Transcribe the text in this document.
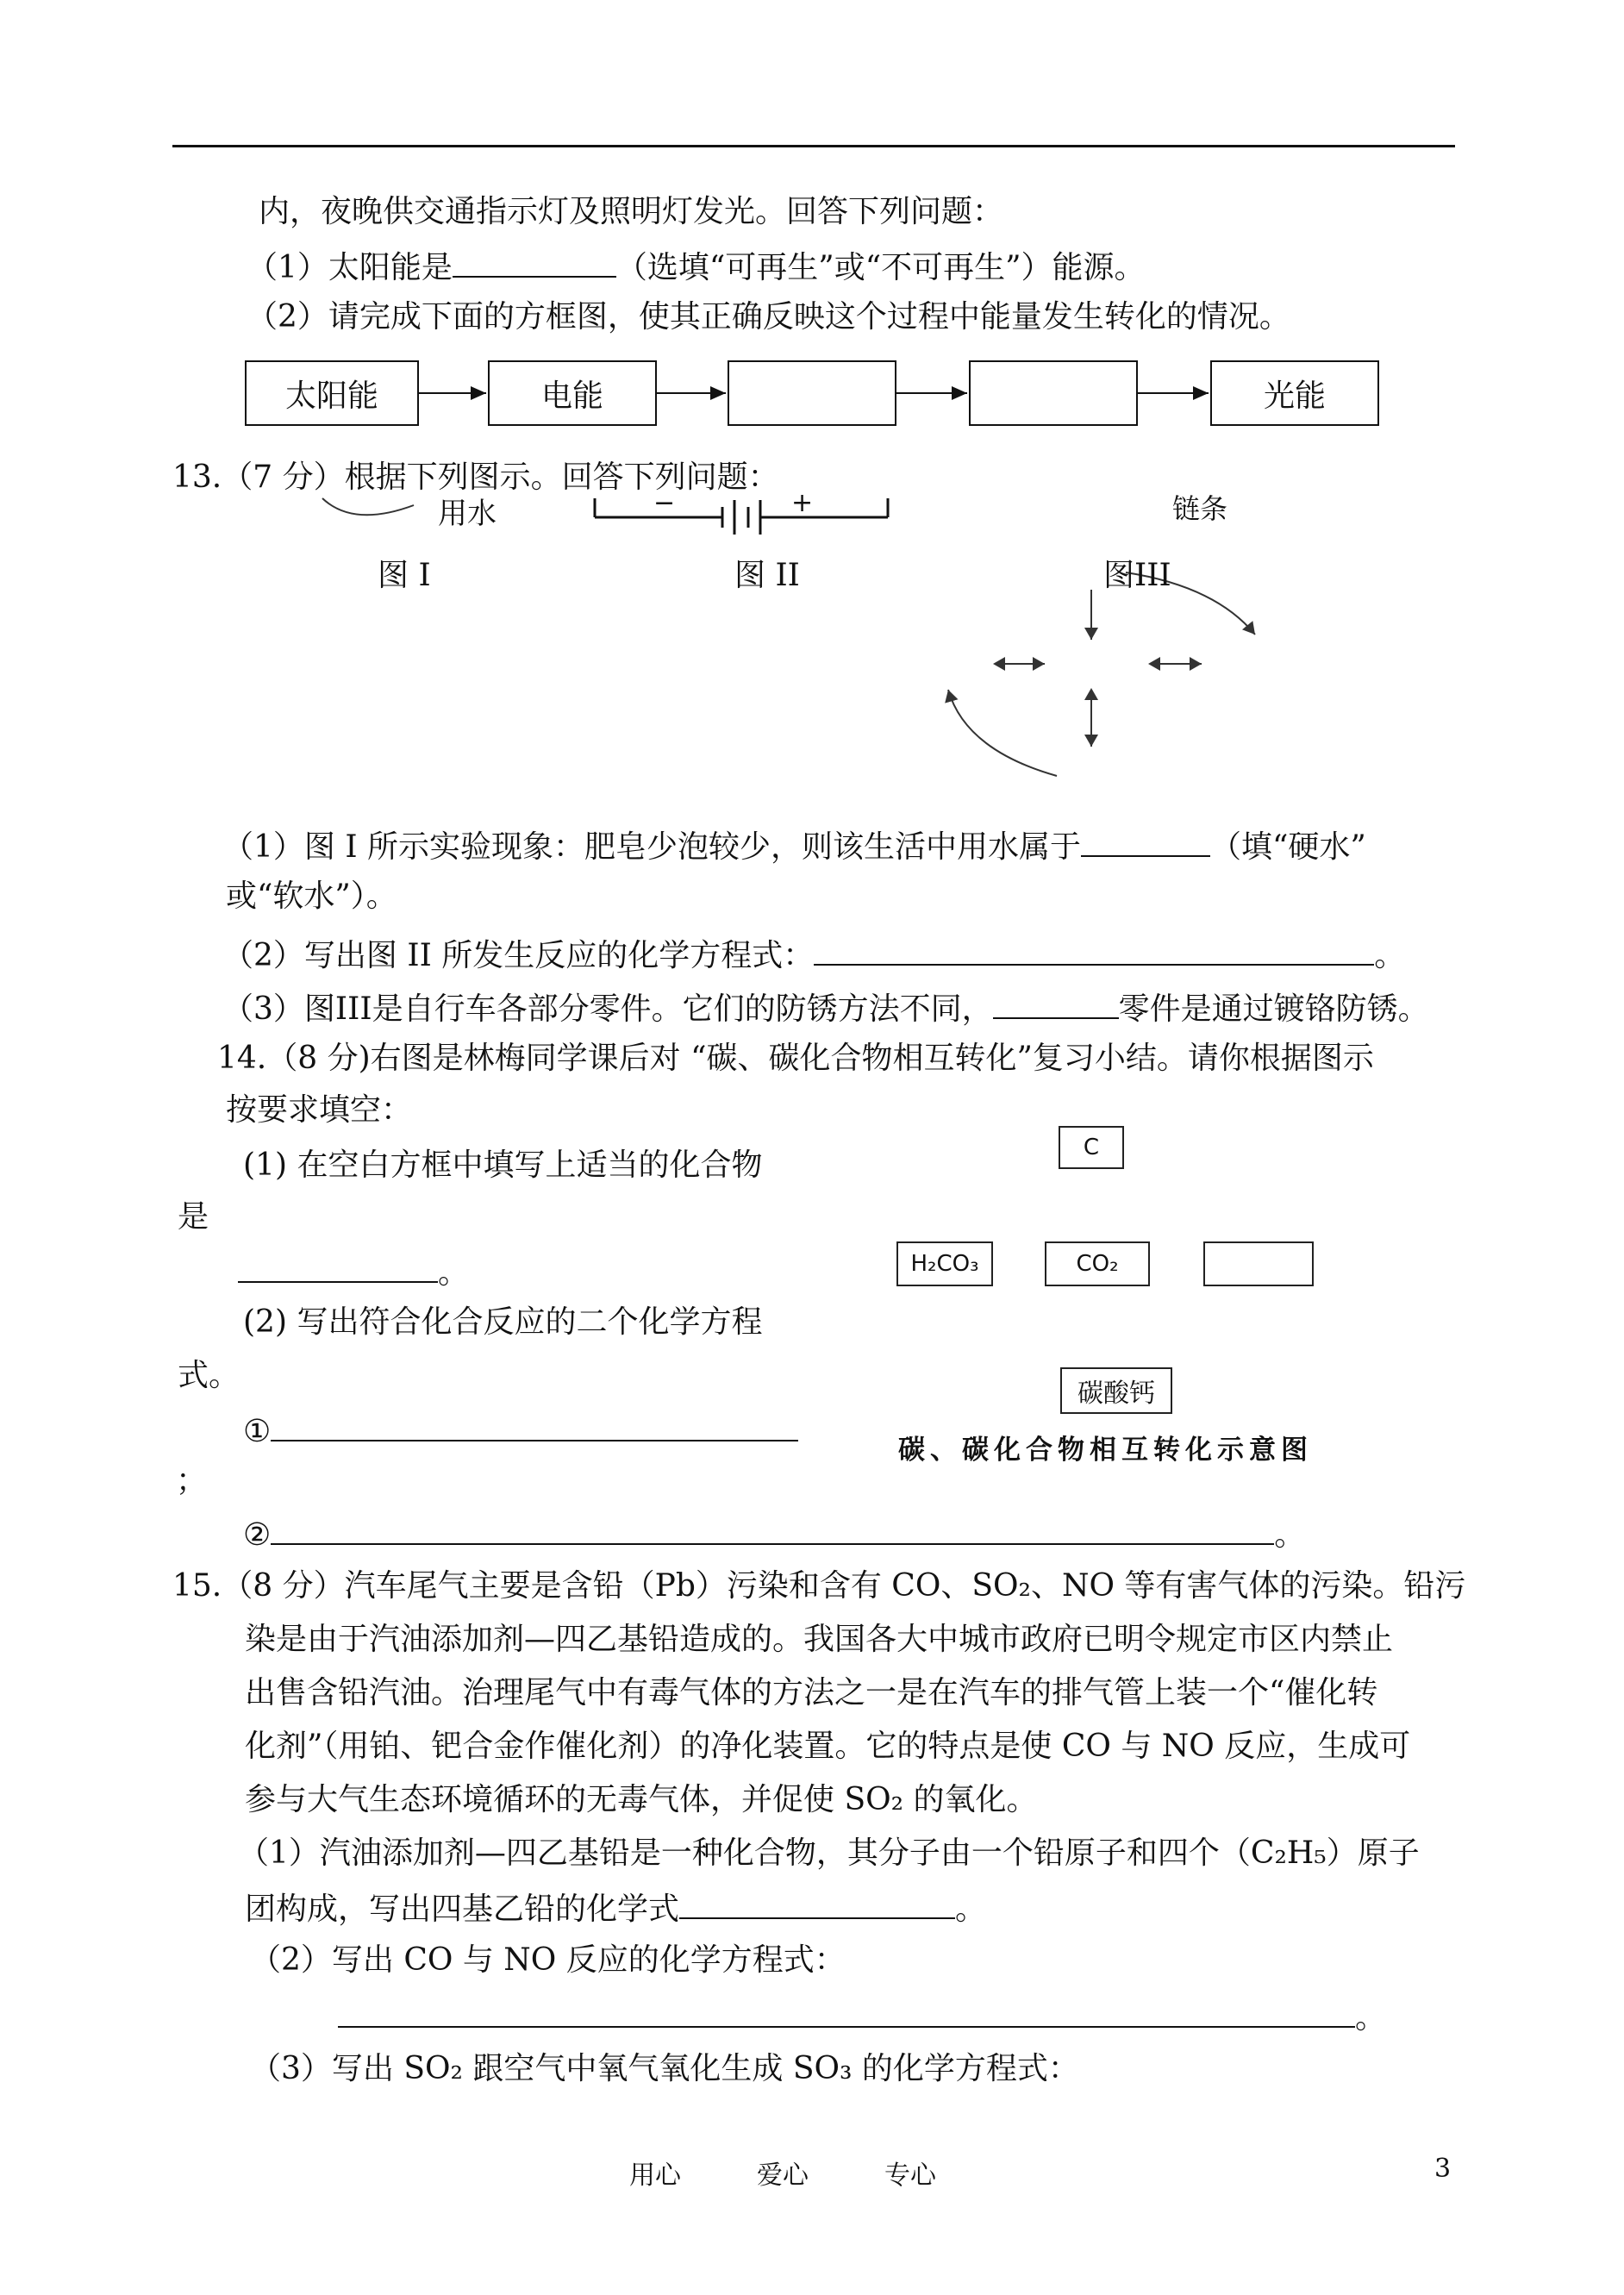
内，夜晚供交通指示灯及照明灯发光。回答下列问题：
（1）太阳能是	（选填“可再生”或“不可再生”）能源。
（2）请完成下面的方框图，使其正确反映这个过程中能量发生转化的情况。
太阳能	电能	光能
13.（7 分）根据下列图示。回答下列问题：
用水	−	+	链条
图 I	图 II	图III
（1）图 I 所示实验现象：肥皂少泡较少，则该生活中用水属于	（填“硬水”
或“软水”）。
（2）写出图 II 所发生反应的化学方程式：	。
（3）图III是自行车各部分零件。它们的防锈方法不同，	零件是通过镀铬防锈。
14.（8 分)右图是林梅同学课后对 “碳、碳化合物相互转化”复习小结。请你根据图示
按要求填空：
(1) 在空白方框中填写上适当的化合物
是
。
(2) 写出符合化合反应的二个化学方程
式。
①
；
②	。
C
H₂CO₃	CO₂
碳酸钙
碳、碳化合物相互转化示意图
15.（8 分）汽车尾气主要是含铅（Pb）污染和含有 CO、SO₂、NO 等有害气体的污染。铅污
染是由于汽油添加剂—四乙基铅造成的。我国各大中城市政府已明令规定市区内禁止
出售含铅汽油。治理尾气中有毒气体的方法之一是在汽车的排气管上装一个“催化转
化剂”（用铂、钯合金作催化剂）的净化装置。它的特点是使 CO 与 NO 反应，生成可
参与大气生态环境循环的无毒气体，并促使 SO₂ 的氧化。
（1）汽油添加剂—四乙基铅是一种化合物，其分子由一个铅原子和四个（C₂H₅）原子
团构成，写出四基乙铅的化学式	。
（2）写出 CO 与 NO 反应的化学方程式：
。
（3）写出 SO₂ 跟空气中氧气氧化生成 SO₃ 的化学方程式：
用心	爱心	专心	3
